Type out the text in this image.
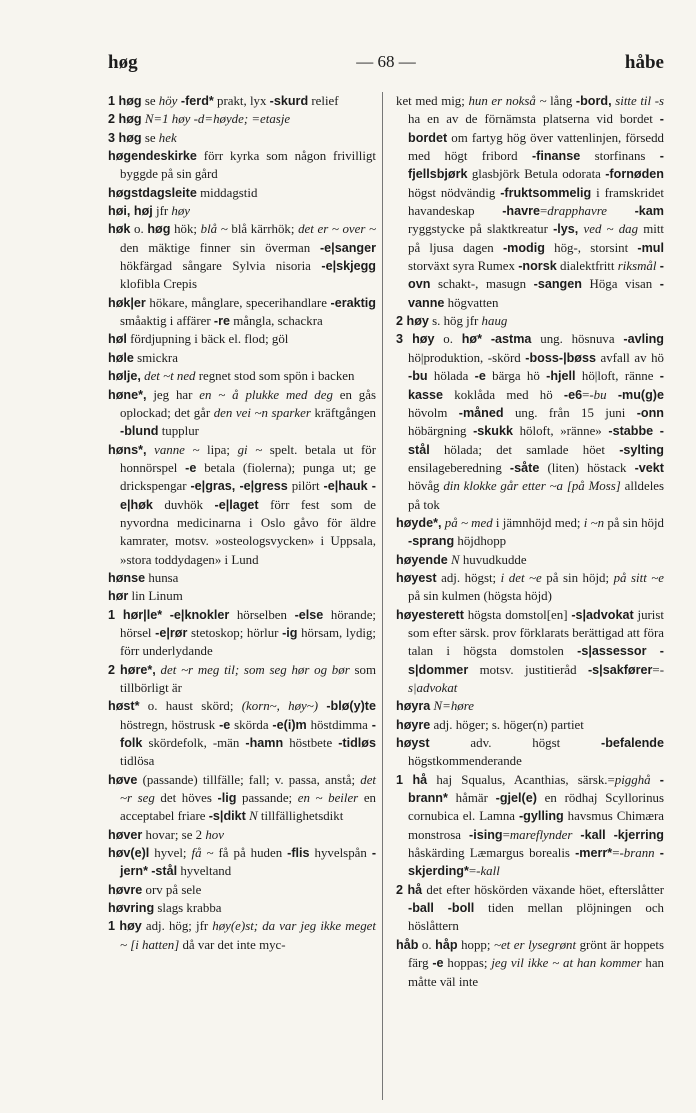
høg	— 68 —	håbe
1 høg se höy -ferd* prakt, lyx -skurd relief
2 høg N=1 høy -d=høyde; =etasje
3 høg se hek
høgendeskirke förr kyrka som någon frivilligt byggde på sin gård
høgstdagsleite middagstid
høi, høj jfr høy
høk o. høg hök; blå ~ blå kärrhök; det er ~ over ~ den mäktige finner sin överman -e|sanger hökfärgad sångare Sylvia nisoria -e|skjegg klofibla Crepis
høk|er hökare, månglare, specerihandlare -eraktig småaktig i affärer -re mångla, schackra
høl fördjupning i bäck el. flod; göl
høle smickra
hølje, det ~t ned regnet stod som spön i backen
høne*, jeg har en ~ å plukke med deg en gås oplockad; det går den vei ~n sparker kräftgången -blund tupplur
høns*, vanne ~ lipa; gi ~ spelt. betala ut för honnörspel -e betala (fiolerna); punga ut; ge drickspengar -e|gras, -e|gress pilört -e|hauk -e|høk duvhök -e|laget förr fest som de nyvordna medicinarna i Oslo gåvo för äldre kamrater, motsv. »osteologsvycken» i Uppsala, »stora toddydagen» i Lund
hønse hunsa
hør lin Linum
1 hør|le* -e|knokler hörselben -else hörande; hörsel -e|rør stetoskop; hörlur -ig hörsam, lydig; förr underlydande
2 høre*, det ~r meg til; som seg hør og bør som tillbörligt är
høst* o. haust skörd; (korn~, høy~) -blø(y)te höstregn, höstrusk -e skörda -e(i)m höstdimma -folk skördefolk, -män -hamn höstbete -tidløs tidlösa
høve (passande) tillfälle; fall; v. passa, anstå; det ~r seg det höves -lig passande; en ~ beiler en acceptabel friare -s|dikt N tillfällighetsdikt
høver hovar; se 2 hov
høv(e)l hyvel; få ~ få på huden -flis hyvelspån -jern* -stål hyveltand
høvre orv på sele
høvring slags krabba
1 høy adj. hög; jfr høy(e)st; da var jeg ikke meget ~ [i hatten] då var det inte myc-
ket med mig; hun er nokså ~ lång -bord, sitte til -s ha en av de förnämsta platserna vid bordet -bordet om fartyg hög över vattenlinjen, försedd med högt fribord -finanse storfinans -fjellsbjørk glasbjörk Betula odorata -fornøden högst nödvändig -fruktsommelig i framskridet havandeskap -havre=drapphavre -kam ryggstycke på slaktkreatur -lys, ved ~ dag mitt på ljusa dagen -modig hög-, storsint -mul storväxt syra Rumex -norsk dialektfritt riksmål -ovn schakt-, masugn -sangen Höga visan -vanne högvatten
2 høy s. hög jfr haug
3 høy o. hø* -astma ung. hösnuva -avling hö|produktion, -skörd -boss-|bøss avfall av hö -bu hölada -e bärga hö -hjell hö|loft, ränne -kasse koklåda med hö -e6=-bu -mu(g)e hövolm -måned ung. från 15 juni -onn höbärgning -skukk höloft, »ränne» -stabbe -stål hölada; det samlade höet -sylting ensilageberedning -såte (liten) höstack -vekt hövåg din klokke går etter ~a [på Moss] alldeles på tok
høyde*, på ~ med i jämnhöjd med; i ~n på sin höjd -sprang höjdhopp
høyende N huvudkudde
høyest adj. högst; i det ~e på sin höjd; på sitt ~e på sin kulmen (högsta höjd)
høyesterett högsta domstol[en] -s|advokat jurist som efter särsk. prov förklarats berättigad att föra talan i högsta domstolen -s|assessor -s|dommer motsv. justitieråd -s|sakfører=-s|advokat
høyra N=høre
høyre adj. höger; s. höger(n) partiet
høyst adv. högst -befalende högstkommenderande
1 hå haj Squalus, Acanthias, särsk.=pigghå -brann* håmär -gjel(e) en rödhaj Scyllorinus cornubica el. Lamna -gylling havsmus Chimæra monstrosa -ising=mareflynder -kall -kjerring håskärding Læmargus borealis -merr*=-brann -skjerding*=-kall
2 hå det efter höskörden växande höet, efterslåtter -ball -boll tiden mellan plöjningen och höslåttern
håb o. håp hopp; ~et er lysegrønt grönt är hoppets färg -e hoppas; jeg vil ikke ~ at han kommer han måtte väl inte
